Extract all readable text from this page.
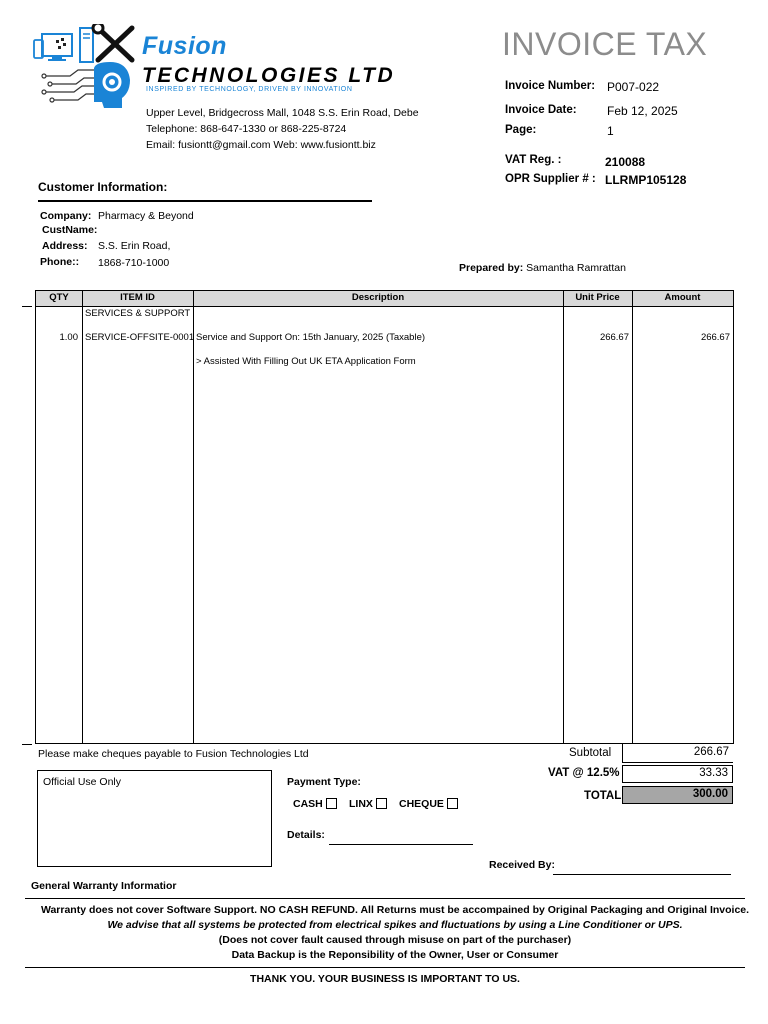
Fusion
TECHNOLOGIES LTD
INSPIRED BY TECHNOLOGY, DRIVEN BY INNOVATION
Upper Level, Bridgecross Mall, 1048 S.S. Erin Road, Debe
Telephone: 868-647-1330 or 868-225-8724
Email: fusiontt@gmail.com Web: www.fusiontt.biz
INVOICE TAX
Invoice Number: P007-022
Invoice Date:	Feb 12, 2025
Page:	1
VAT Reg. :	210088
OPR Supplier # : LLRMP105128
Customer Information:
Company: Pharmacy & Beyond
CustName:
Address: S.S. Erin Road,
Phone:: 1868-710-1000	Prepared by: Samantha Ramrattan
QTY	ITEM ID	Description	Unit Price	Amount
SERVICES & SUPPORT
1.00 SERVICE-OFFSITE-0001 Service and Support On: 15th January, 2025 (Taxable)	266.67	266.67
> Assisted With Filling Out UK ETA Application Form
Please make cheques payable to Fusion Technologies Ltd	Subtotal	266.67
VAT @ 12.5%	33.33
TOTAL	300.00
Official Use Only	Payment Type:
CASH	LINX	CHEQUE
Details:
Received By:
General Warranty Informatior
Warranty does not cover Software Support. NO CASH REFUND. All Returns must be accompained by Original Packaging and Original Invoice.
We advise that all systems be protected from electrical spikes and fluctuations by using a Line Conditioner or UPS.
(Does not cover fault caused through misuse on part of the purchaser)
Data Backup is the Reponsibility of the Owner, User or Consumer
THANK YOU. YOUR BUSINESS IS IMPORTANT TO US.
